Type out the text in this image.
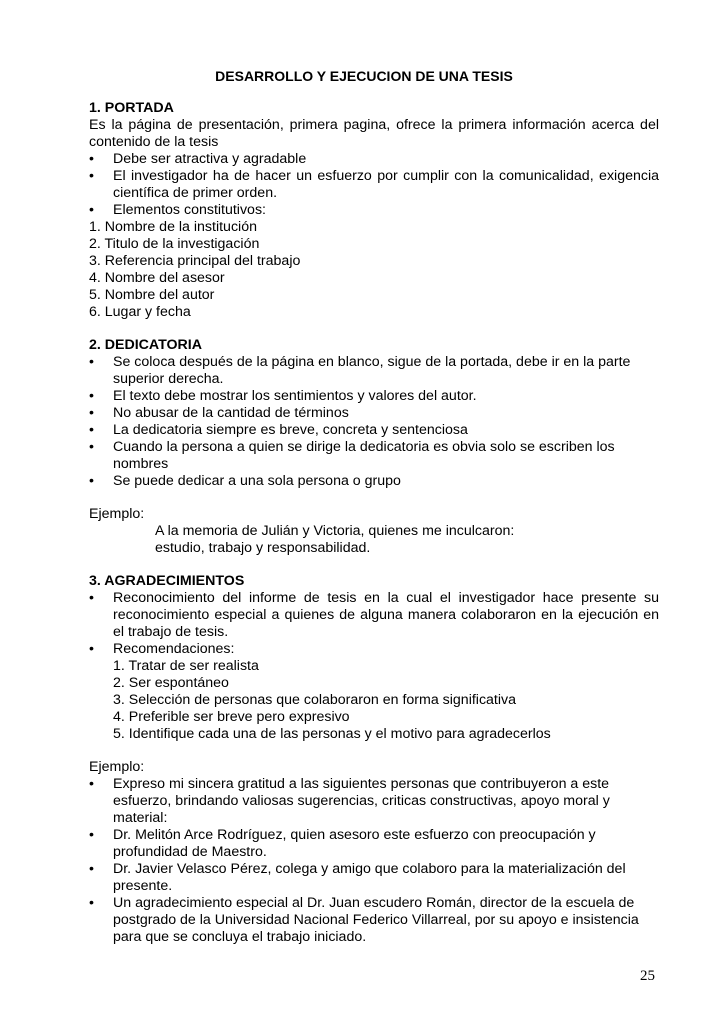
DESARROLLO Y EJECUCION DE UNA TESIS
1. PORTADA
Es la página de presentación, primera pagina, ofrece la primera información acerca del contenido de la tesis
•	Debe ser atractiva y agradable
•	El investigador ha de hacer un esfuerzo por cumplir con la comunicalidad, exigencia científica de primer orden.
•	Elementos constitutivos:
1. Nombre de la institución
2. Titulo de la investigación
3. Referencia principal del trabajo
4. Nombre del asesor
5. Nombre del autor
6. Lugar y fecha
2. DEDICATORIA
•	Se coloca después de la página en blanco, sigue de la portada, debe ir en la parte superior derecha.
•	El texto debe mostrar los sentimientos y valores del autor.
•	No abusar de la cantidad de términos
•	La dedicatoria siempre es breve, concreta y sentenciosa
•	Cuando la persona a quien se dirige la dedicatoria es obvia solo se escriben los nombres
•	Se puede dedicar a una sola persona o grupo
Ejemplo:
A la memoria de Julián y Victoria, quienes me inculcaron:
estudio, trabajo y responsabilidad.
3. AGRADECIMIENTOS
•	Reconocimiento del informe de tesis en la cual el investigador hace presente su reconocimiento especial a quienes de alguna manera colaboraron en la ejecución en el trabajo de tesis.
•	Recomendaciones:
1. Tratar de ser realista
2. Ser espontáneo
3. Selección de personas que colaboraron en forma significativa
4. Preferible ser breve pero expresivo
5. Identifique cada una de las personas y el motivo para agradecerlos
Ejemplo:
•	Expreso mi sincera gratitud a las siguientes personas que contribuyeron a este esfuerzo, brindando valiosas sugerencias, criticas constructivas, apoyo moral y material:
•	Dr. Melitón Arce Rodríguez, quien asesoro este esfuerzo con preocupación y profundidad de Maestro.
•	Dr. Javier Velasco Pérez, colega y amigo que colaboro para la materialización del presente.
•	Un agradecimiento especial al Dr. Juan escudero Román, director de la escuela de postgrado de la Universidad Nacional Federico Villarreal, por su apoyo e insistencia para que se concluya el trabajo iniciado.
25
